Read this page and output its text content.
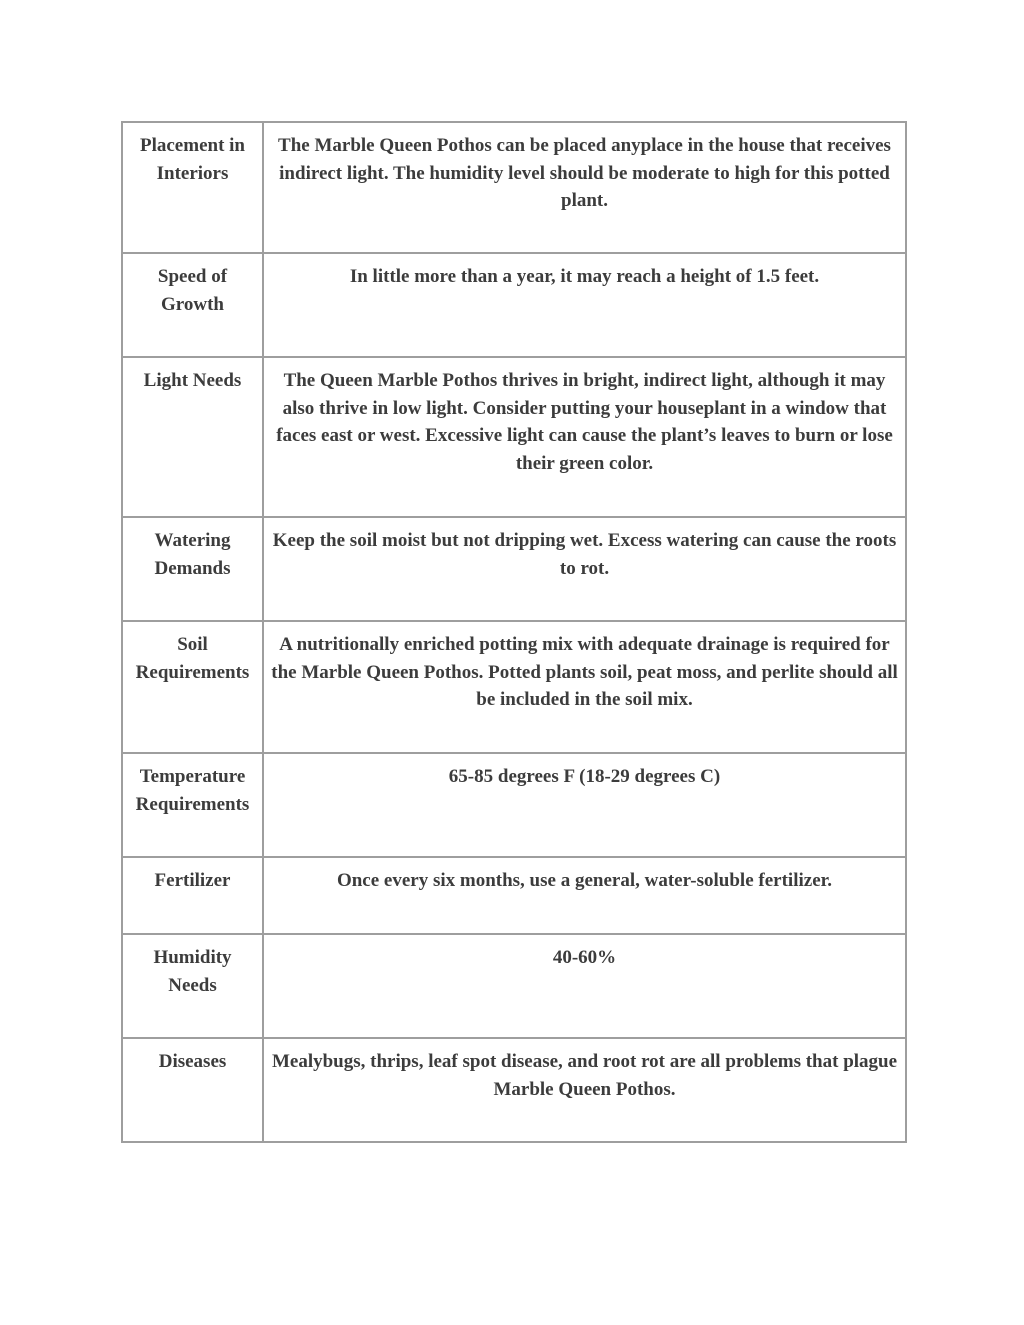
Placement in Interiors	The Marble Queen Pothos can be placed anyplace in the house that receives indirect light. The humidity level should be moderate to high for this potted plant.
Speed of Growth	In little more than a year, it may reach a height of 1.5 feet.
Light Needs	The Queen Marble Pothos thrives in bright, indirect light, although it may also thrive in low light. Consider putting your houseplant in a window that faces east or west. Excessive light can cause the plant’s leaves to burn or lose their green color.
Watering Demands	Keep the soil moist but not dripping wet. Excess watering can cause the roots to rot.
Soil Requirements	A nutritionally enriched potting mix with adequate drainage is required for the Marble Queen Pothos. Potted plants soil, peat moss, and perlite should all be included in the soil mix.
Temperature Requirements	65-85 degrees F (18-29 degrees C)
Fertilizer	Once every six months, use a general, water-soluble fertilizer.
Humidity Needs	40-60%
Diseases	Mealybugs, thrips, leaf spot disease, and root rot are all problems that plague Marble Queen Pothos.
